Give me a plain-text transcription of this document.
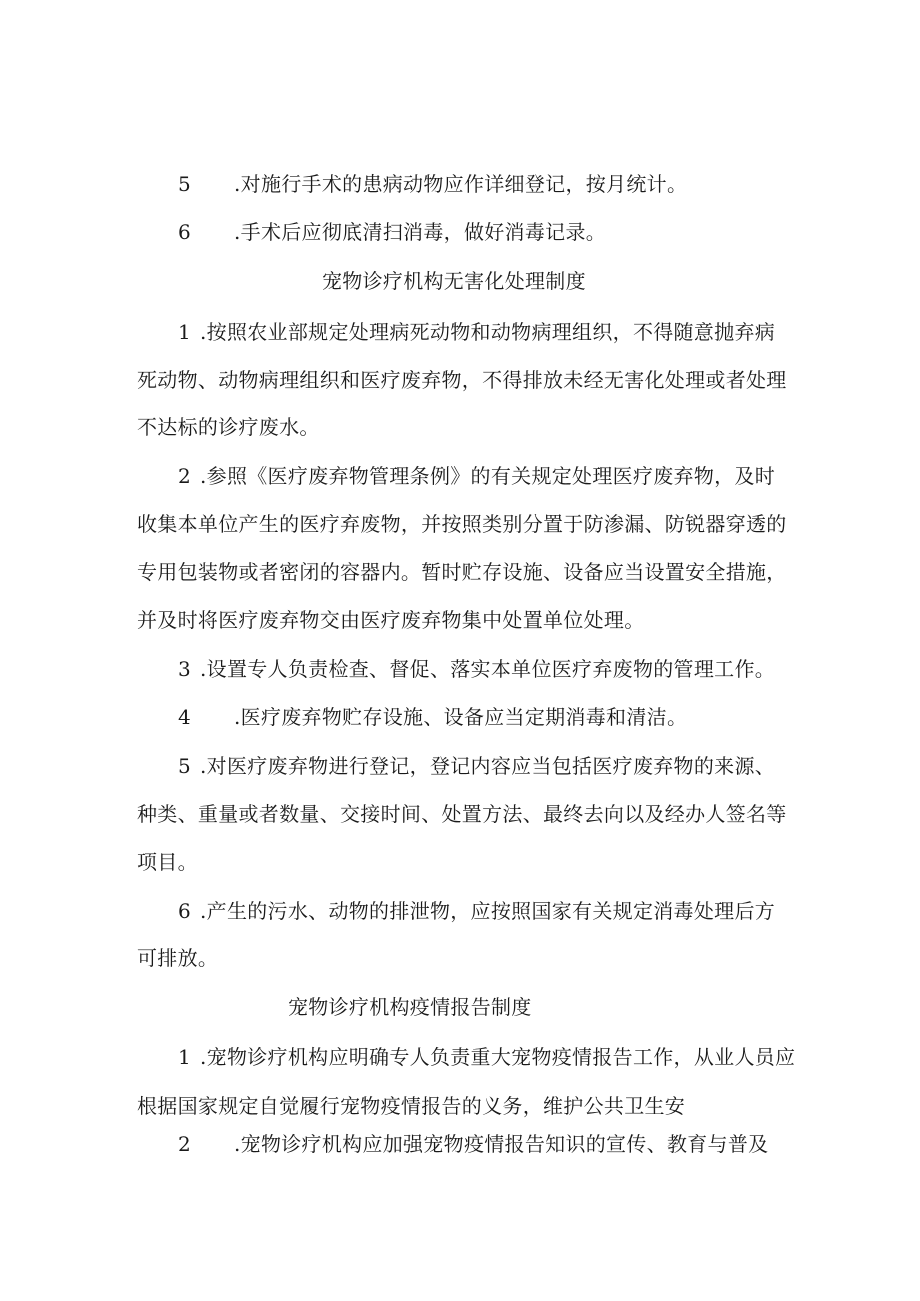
5 .对施行手术的患病动物应作详细登记，按月统计。
6 .手术后应彻底清扫消毒，做好消毒记录。
宠物诊疗机构无害化处理制度
1 .按照农业部规定处理病死动物和动物病理组织，不得随意抛弃病
死动物、动物病理组织和医疗废弃物，不得排放未经无害化处理或者处理
不达标的诊疗废水。
2 .参照《医疗废弃物管理条例》的有关规定处理医疗废弃物，及时
收集本单位产生的医疗弃废物，并按照类别分置于防渗漏、防锐器穿透的
专用包装物或者密闭的容器内。暂时贮存设施、设备应当设置安全措施，
并及时将医疗废弃物交由医疗废弃物集中处置单位处理。
3 .设置专人负责检查、督促、落实本单位医疗弃废物的管理工作。
4 .医疗废弃物贮存设施、设备应当定期消毒和清洁。
5 .对医疗废弃物进行登记，登记内容应当包括医疗废弃物的来源、
种类、重量或者数量、交接时间、处置方法、最终去向以及经办人签名等
项目。
6 .产生的污水、动物的排泄物，应按照国家有关规定消毒处理后方
可排放。
宠物诊疗机构疫情报告制度
1 .宠物诊疗机构应明确专人负责重大宠物疫情报告工作，从业人员应
根据国家规定自觉履行宠物疫情报告的义务，维护公共卫生安
2 .宠物诊疗机构应加强宠物疫情报告知识的宣传、教育与普及
